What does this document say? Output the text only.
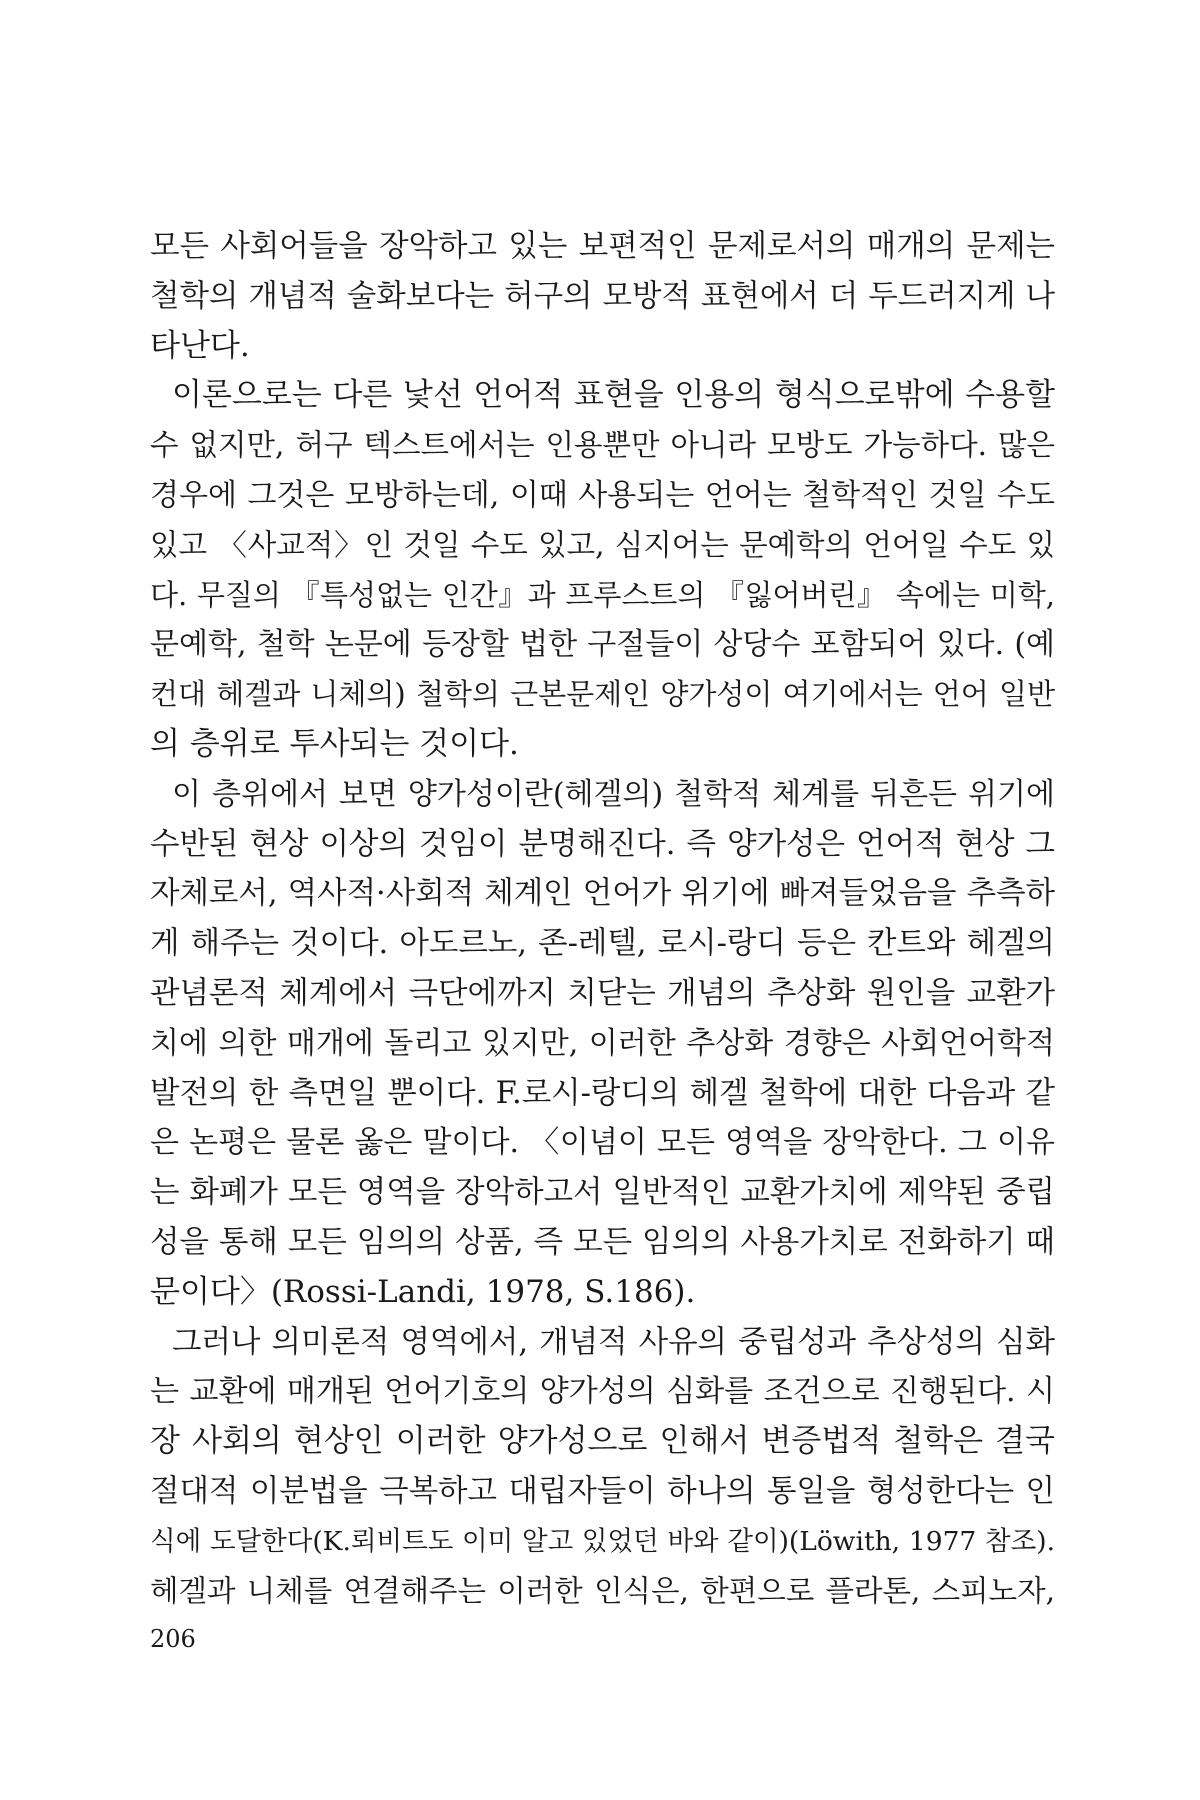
모든 사회어들을 장악하고 있는 보편적인 문제로서의 매개의 문제는
철학의 개념적 술화보다는 허구의 모방적 표현에서 더 두드러지게 나
타난다.
이론으로는 다른 낯선 언어적 표현을 인용의 형식으로밖에 수용할
수 없지만, 허구 텍스트에서는 인용뿐만 아니라 모방도 가능하다. 많은
경우에 그것은 모방하는데, 이때 사용되는 언어는 철학적인 것일 수도
있고 〈사교적〉인 것일 수도 있고, 심지어는 문예학의 언어일 수도 있
다. 무질의 『특성없는 인간』과 프루스트의 『잃어버린』 속에는 미학,
문예학, 철학 논문에 등장할 법한 구절들이 상당수 포함되어 있다. (예
컨대 헤겔과 니체의) 철학의 근본문제인 양가성이 여기에서는 언어 일반
의 층위로 투사되는 것이다.
이 층위에서 보면 양가성이란(헤겔의) 철학적 체계를 뒤흔든 위기에
수반된 현상 이상의 것임이 분명해진다. 즉 양가성은 언어적 현상 그
자체로서, 역사적·사회적 체계인 언어가 위기에 빠져들었음을 추측하
게 해주는 것이다. 아도르노, 존-레텔, 로시-랑디 등은 칸트와 헤겔의
관념론적 체계에서 극단에까지 치닫는 개념의 추상화 원인을 교환가
치에 의한 매개에 돌리고 있지만, 이러한 추상화 경향은 사회언어학적
발전의 한 측면일 뿐이다. F.로시-랑디의 헤겔 철학에 대한 다음과 같
은 논평은 물론 옳은 말이다. 〈이념이 모든 영역을 장악한다. 그 이유
는 화폐가 모든 영역을 장악하고서 일반적인 교환가치에 제약된 중립
성을 통해 모든 임의의 상품, 즉 모든 임의의 사용가치로 전화하기 때
문이다〉(Rossi-Landi, 1978, S.186).
그러나 의미론적 영역에서, 개념적 사유의 중립성과 추상성의 심화
는 교환에 매개된 언어기호의 양가성의 심화를 조건으로 진행된다. 시
장 사회의 현상인 이러한 양가성으로 인해서 변증법적 철학은 결국
절대적 이분법을 극복하고 대립자들이 하나의 통일을 형성한다는 인
식에 도달한다(K.뢰비트도 이미 알고 있었던 바와 같이)(Löwith, 1977 참조).
헤겔과 니체를 연결해주는 이러한 인식은, 한편으로 플라톤, 스피노자,
206
